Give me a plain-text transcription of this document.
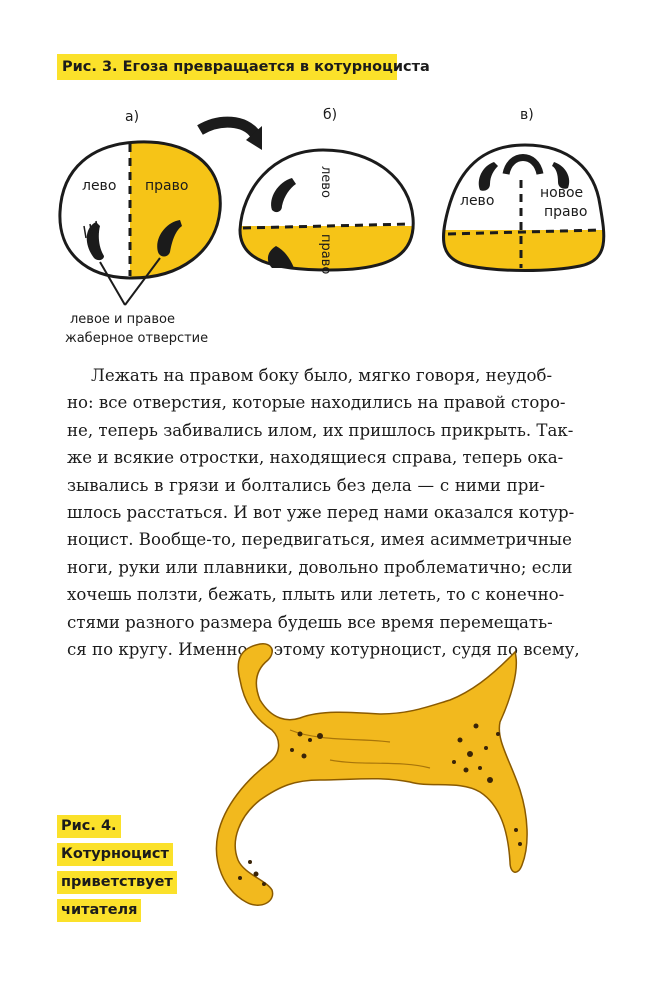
Рис. 3. Егоза превращается в котурноциста
а)	б)	в)
лево право
левое и правое
жаберное отверстие
лево
право
лево	новое
право
Лежать на правом боку было, мягко говоря, неудоб-
но: все отверстия, которые находились на правой сторо-
не, теперь забивались илом, их пришлось прикрыть. Так-
же и всякие отростки, находящиеся справа, теперь ока-
зывались в грязи и болтались без дела — с ними при-
шлось расстаться. И вот уже перед нами оказался котур-
ноцист. Вообще-то, передвигаться, имея асимметричные
ноги, руки или плавники, довольно проблематично; если
хочешь ползти, бежать, плыть или лететь, то с конечно-
стями разного размера будешь все время перемещать-
ся по кругу. Именно поэтому котурноцист, судя по всему,
Рис. 4.
Котурноцист
приветствует
читателя
